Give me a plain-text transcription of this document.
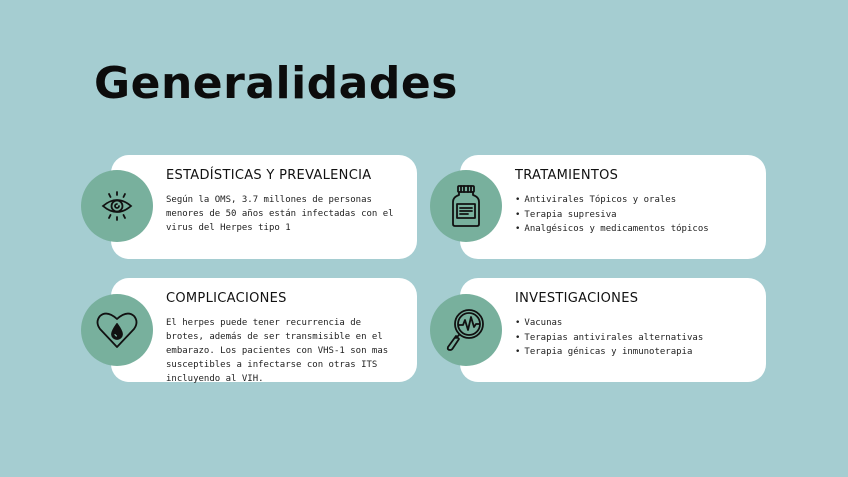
Generalidades
ESTADÍSTICAS Y PREVALENCIA
Según la OMS, 3.7 millones de personas menores de 50 años están infectadas con el virus del Herpes tipo 1
TRATAMIENTOS
• Antivirales Tópicos y orales
• Terapia supresiva
• Analgésicos y medicamentos tópicos
COMPLICACIONES
El herpes puede tener recurrencia de brotes, además de ser transmisible en el embarazo. Los pacientes con VHS-1 son mas susceptibles a infectarse con otras ITS incluyendo al VIH.
INVESTIGACIONES
• Vacunas
• Terapias antivirales alternativas
• Terapia génicas y inmunoterapia
